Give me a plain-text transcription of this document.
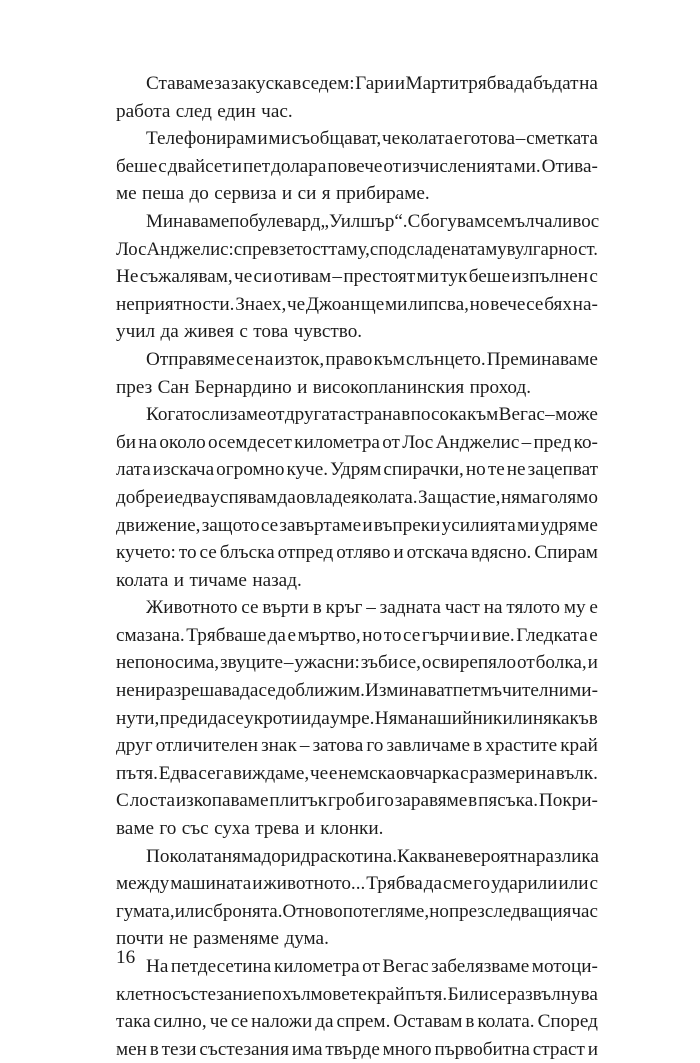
Ставаме за закуска в седем: Гари и Марти трябва да бъдат на
работа след един час.
Телефонирам и ми съобщават, че колата е готова – сметката
беше с двайсет и пет долара повече от изчисленията ми. Отива-
ме пеша до сервиза и си я прибираме.
Минаваме по булевард „Уилшър“. Сбогувам се мълчаливо с
Лос Анджелис: с превзетостта му, с подсладената му вулгарност.
Не съжалявам, че си отивам – престоят ми тук беше изпълнен с
неприятности. Знаех, че Джоан ще ми липсва, но вече се бях на-
учил да живея с това чувство.
Отправяме се на изток, право към слънцето. Преминаваме
през Сан Бернардино и високопланинския проход.
Когато слизаме от другата страна в посока към Вегас – може
би на около осемдесет километра от Лос Анджелис – пред ко-
лата изскача огромно куче. Удрям спирачки, но те не зацепват
добре и едва успявам да овладея колата. За щастие, няма голямо
движение, защото се завъртаме и въпреки усилията ми удряме
кучето: то се блъска отпред отляво и отскача вдясно. Спирам
колата и тичаме назад.
Животното се върти в кръг – задната част на тялото му е
смазана. Трябваше да е мъртво, но то се гърчи и вие. Гледката е
непоносима, звуците – ужасни: зъби се, освирепяло от болка, и
не ни разрешава да се доближим. Изминават пет мъчителни ми-
нути, преди да се укроти и да умре. Няма нашийник или някакъв
друг отличителен знак – затова го завличаме в храстите край
пътя. Едва сега виждаме, че е немска овчарка с размери на вълк.
С лоста изкопаваме плитък гроб и го заравяме в пясъка. Покри-
ваме го със суха трева и клонки.
По колата няма дори драскотина. Каква невероятна разлика
между машината и животното... Трябва да сме го ударили или с
гумата, или с бронята. Отново потегляме, но през следващия час
почти не разменяме дума.
На петдесетина километра от Вегас забелязваме мотоци-
клетно състезание по хълмовете край пътя. Били се развълнува
така силно, че се наложи да спрем. Оставам в колата. Според
мен в тези състезания има твърде много първобитна страст и
16
